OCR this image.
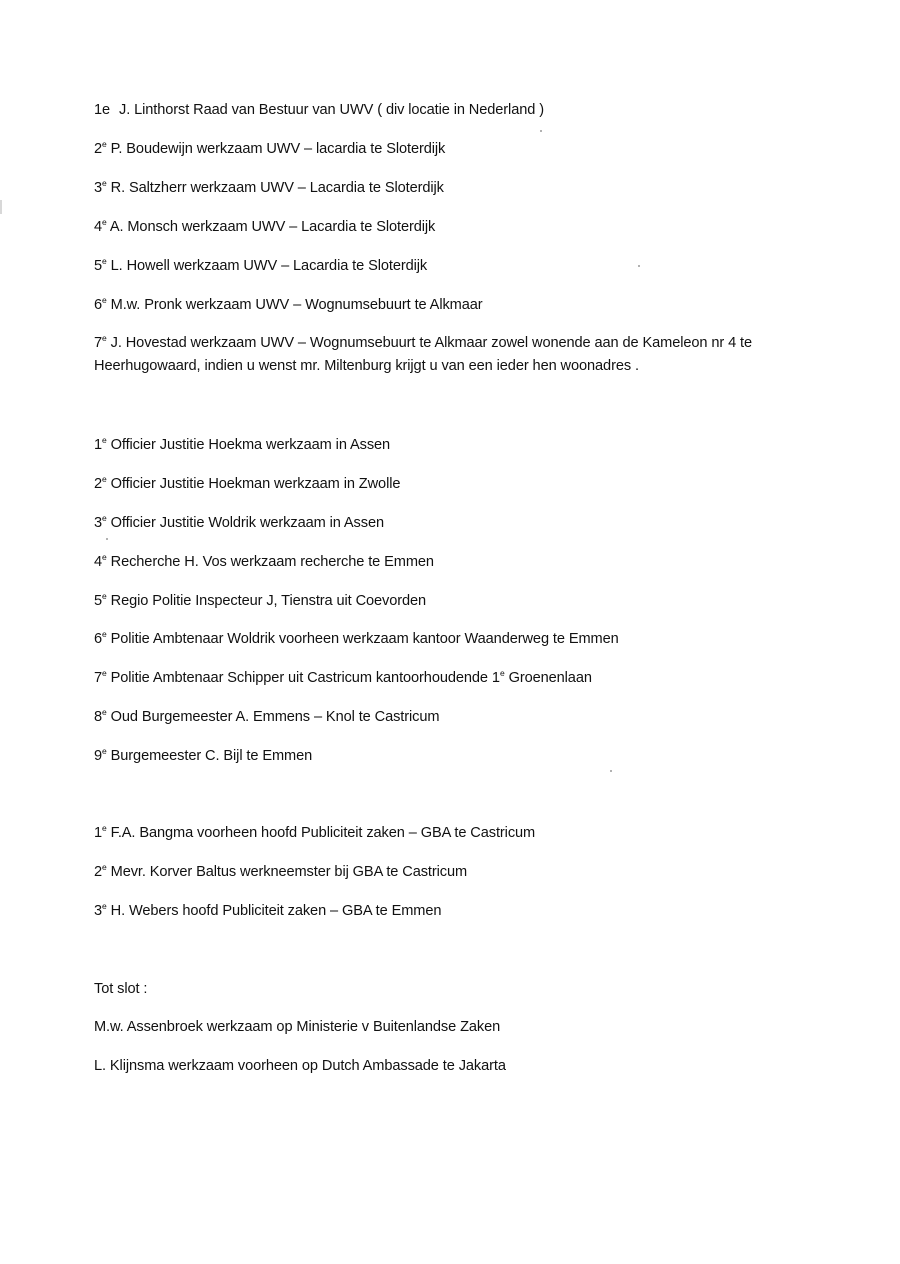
1e J. Linthorst Raad van Bestuur van UWV ( div locatie in Nederland )
2e P. Boudewijn werkzaam UWV – lacardia te Sloterdijk
3e R. Saltzherr werkzaam UWV – Lacardia te Sloterdijk
4e A. Monsch werkzaam UWV – Lacardia te Sloterdijk
5e L. Howell werkzaam UWV – Lacardia te Sloterdijk
6e M.w. Pronk werkzaam UWV – Wognumsebuurt te Alkmaar
7e J. Hovestad werkzaam UWV – Wognumsebuurt te Alkmaar zowel wonende aan de Kameleon nr 4 te Heerhugowaard, indien u wenst mr. Miltenburg krijgt u van een ieder hen woonadres .
1e Officier Justitie Hoekma werkzaam in Assen
2e Officier Justitie Hoekman werkzaam in Zwolle
3e Officier Justitie Woldrik werkzaam in Assen
4e Recherche H. Vos werkzaam recherche te Emmen
5e Regio Politie Inspecteur J, Tienstra uit Coevorden
6e Politie Ambtenaar Woldrik voorheen werkzaam kantoor Waanderweg te Emmen
7e Politie Ambtenaar Schipper uit Castricum kantoorhoudende 1e Groenenlaan
8e Oud Burgemeester A. Emmens – Knol te Castricum
9e Burgemeester C. Bijl te Emmen
1e F.A. Bangma voorheen hoofd Publiciteit zaken – GBA te Castricum
2e Mevr. Korver Baltus werkneemster bij GBA te Castricum
3e H. Webers hoofd Publiciteit zaken – GBA te Emmen
Tot slot :
M.w. Assenbroek werkzaam op Ministerie v Buitenlandse Zaken
L. Klijnsma werkzaam voorheen op Dutch Ambassade te Jakarta
